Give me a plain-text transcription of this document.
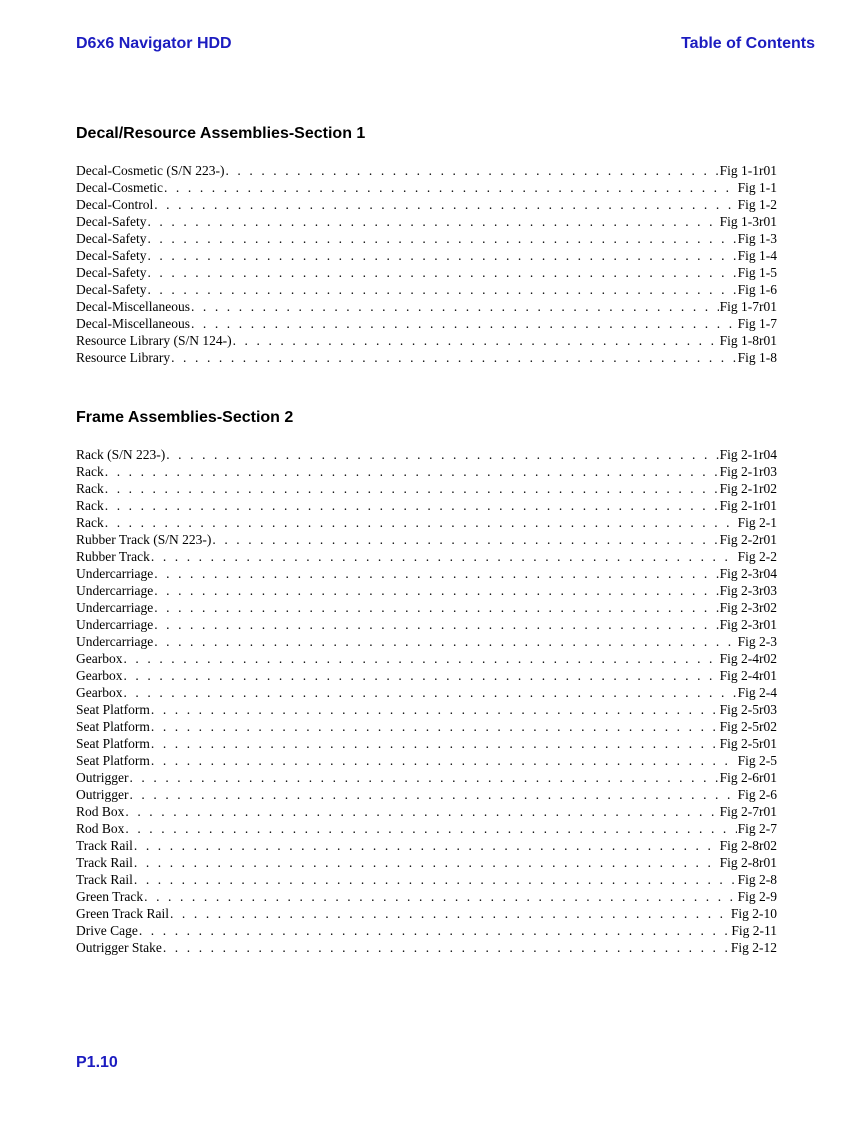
D6x6 Navigator HDD	Table of Contents
Decal/Resource Assemblies-Section 1
Decal-Cosmetic (S/N 223-) . . .	Fig 1-1r01
Decal-Cosmetic . . .	Fig 1-1
Decal-Control . . .	Fig 1-2
Decal-Safety . . .	Fig 1-3r01
Decal-Safety . . .	Fig 1-3
Decal-Safety . . .	Fig 1-4
Decal-Safety . . .	Fig 1-5
Decal-Safety . . .	Fig 1-6
Decal-Miscellaneous . . .	Fig 1-7r01
Decal-Miscellaneous . . .	Fig 1-7
Resource Library (S/N 124-) . . .	Fig 1-8r01
Resource Library . . .	Fig 1-8
Frame Assemblies-Section 2
Rack (S/N 223-) . . .	Fig 2-1r04
Rack . . .	Fig 2-1r03
Rack . . .	Fig 2-1r02
Rack . . .	Fig 2-1r01
Rack . . .	Fig 2-1
Rubber Track (S/N 223-) . . .	Fig 2-2r01
Rubber Track . . .	Fig 2-2
Undercarriage . . .	Fig 2-3r04
Undercarriage . . .	Fig 2-3r03
Undercarriage . . .	Fig 2-3r02
Undercarriage . . .	Fig 2-3r01
Undercarriage . . .	Fig 2-3
Gearbox . . .	Fig 2-4r02
Gearbox . . .	Fig 2-4r01
Gearbox . . .	Fig 2-4
Seat Platform . . .	Fig 2-5r03
Seat Platform . . .	Fig 2-5r02
Seat Platform . . .	Fig 2-5r01
Seat Platform . . .	Fig 2-5
Outrigger . . .	Fig 2-6r01
Outrigger . . .	Fig 2-6
Rod Box . . .	Fig 2-7r01
Rod Box . . .	Fig 2-7
Track Rail . . .	Fig 2-8r02
Track Rail . . .	Fig 2-8r01
Track Rail . . .	Fig 2-8
Green Track . . .	Fig 2-9
Green Track Rail . . .	Fig 2-10
Drive Cage . . .	Fig 2-11
Outrigger Stake . . .	Fig 2-12
P1.10
